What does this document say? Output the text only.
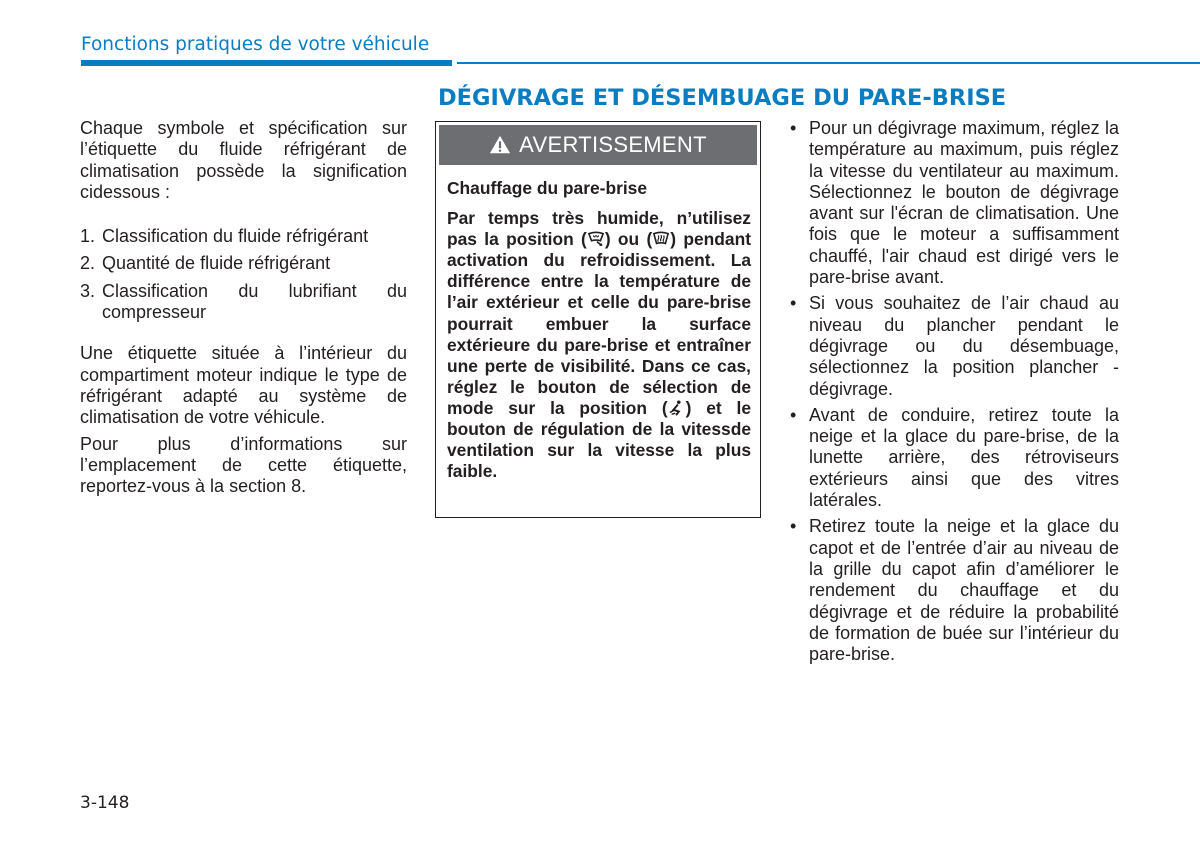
Fonctions pratiques de votre véhicule
DÉGIVRAGE ET DÉSEMBUAGE DU PARE-BRISE

Chaque symbole et spécification sur l’étiquette du fluide réfrigérant de climatisation possède la signification cidessous :

1. Classification du fluide réfrigérant
2. Quantité de fluide réfrigérant
3. Classification du lubrifiant du compresseur

Une étiquette située à l’intérieur du compartiment moteur indique le type de réfrigérant adapté au système de climatisation de votre véhicule.

Pour plus d’informations sur l’emplacement de cette étiquette, reportez-vous à la section 8.

AVERTISSEMENT

Chauffage du pare-brise

Par temps très humide, n’utilisez pas la position ( ) ou ( ) pendant activation du refroidissement. La différence entre la température de l’air extérieur et celle du pare-brise pourrait embuer la surface extérieure du pare-brise et entraîner une perte de visibilité. Dans ce cas, réglez le bouton de sélection de mode sur la position ( ) et le bouton de régulation de la vitessde ventilation sur la vitesse la plus faible.

• Pour un dégivrage maximum, réglez la température au maximum, puis réglez la vitesse du ventilateur au maximum. Sélectionnez le bouton de dégivrage avant sur l'écran de climatisation. Une fois que le moteur a suffisamment chauffé, l'air chaud est dirigé vers le pare-brise avant.
• Si vous souhaitez de l’air chaud au niveau du plancher pendant le dégivrage ou du désembuage, sélectionnez la position plancher - dégivrage.
• Avant de conduire, retirez toute la neige et la glace du pare-brise, de la lunette arrière, des rétroviseurs extérieurs ainsi que des vitres latérales.
• Retirez toute la neige et la glace du capot et de l’entrée d’air au niveau de la grille du capot afin d’améliorer le rendement du chauffage et du dégivrage et de réduire la probabilité de formation de buée sur l’intérieur du pare-brise.
3-148
